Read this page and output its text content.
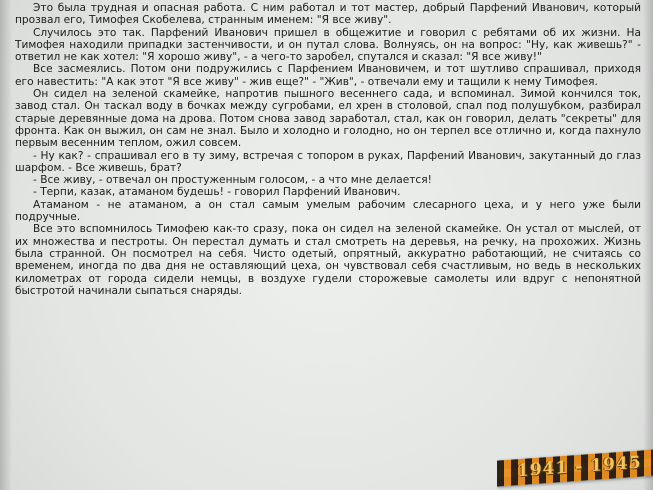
Это была трудная и опасная работа. С ним работал и тот мастер, добрый Парфений Иванович, который прозвал его, Тимофея Скобелева, странным именем: "Я все живу".

Случилось это так. Парфений Иванович пришел в общежитие и говорил с ребятами об их жизни. На Тимофея находили припадки застенчивости, и он путал слова. Волнуясь, он на вопрос: "Ну, как живешь?" - ответил не как хотел: "Я хорошо живу", - а чего-то заробел, спутался и сказал: "Я все живу!"

Все засмеялись. Потом они подружились с Парфением Ивановичем, и тот шутливо спрашивал, приходя его навестить: "А как этот "Я все живу" - жив еще?" - "Жив", - отвечали ему и тащили к нему Тимофея.

Он сидел на зеленой скамейке, напротив пышного весеннего сада, и вспоминал. Зимой кончился ток, завод стал. Он таскал воду в бочках между сугробами, ел хрен в столовой, спал под полушубком, разбирал старые деревянные дома на дрова. Потом снова завод заработал, стал, как он говорил, делать "секреты" для фронта. Как он выжил, он сам не знал. Было и холодно и голодно, но он терпел все отлично и, когда пахнуло первым весенним теплом, ожил совсем.

- Ну как? - спрашивал его в ту зиму, встречая с топором в руках, Парфений Иванович, закутанный до глаз шарфом. - Все живешь, брат?

- Все живу, - отвечал он простуженным голосом, - а что мне делается!

- Терпи, казак, атаманом будешь! - говорил Парфений Иванович.

Атаманом - не атаманом, а он стал самым умелым рабочим слесарного цеха, и у него уже были подручные.

Все это вспомнилось Тимофею как-то сразу, пока он сидел на зеленой скамейке. Он устал от мыслей, от их множества и пестроты. Он перестал думать и стал смотреть на деревья, на речку, на прохожих. Жизнь была странной. Он посмотрел на себя. Чисто одетый, опрятный, аккуратно работающий, не считаясь со временем, иногда по два дня не оставляющий цеха, он чувствовал себя счастливым, но ведь в нескольких километрах от города сидели немцы, в воздухе гудели сторожевые самолеты или вдруг с непонятной быстротой начинали сыпаться снаряды.

1941 - 1945
